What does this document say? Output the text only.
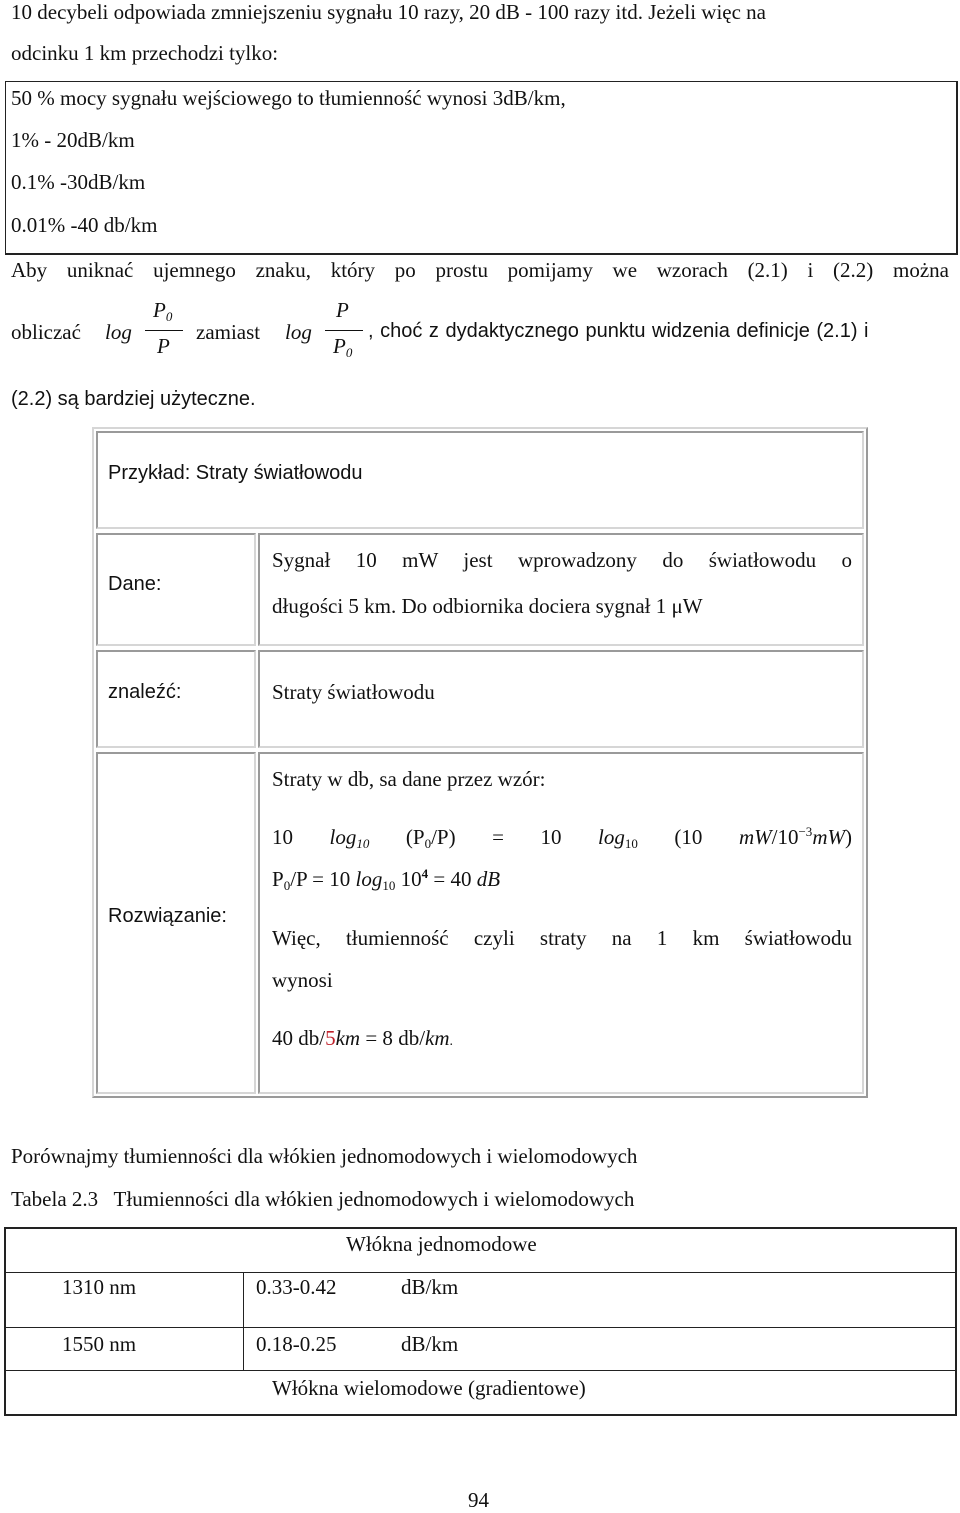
10 decybeli odpowiada zmniejszeniu sygnału 10 razy, 20 dB - 100 razy itd. Jeżeli więc na
odcinku 1 km przechodzi tylko:
50 % mocy sygnału wejściowego to tłumienność wynosi 3dB/km,
1% - 20dB/km
0.1% -30dB/km
0.01% -40 db/km
Aby uniknać ujemnego znaku, który po prostu pomijamy we wzorach (2.1) i (2.2) można
obliczać log
$P_0$
P
zamiast log
P
$P_0$
, choć z dydaktycznego punktu widzenia definicje (2.1) i
(2.2) są bardziej użyteczne.
Przykład: Straty światłowodu
Dane:
Sygnał 10 mW jest wprowadzony do światłowodu o
długości 5 km. Do odbiornika dociera sygnał 1 μW
znaleźć:	Straty światłowodu
Rozwiązanie:
Straty w db, sa dane przez wzór:
10 $\log_{10} (P_0/P) = 10$ $\log_{10} (10$ $mW/10^{-3}mW$)
$P_0/P = 10$ $\log_{10} 10^4 = 40$ dB
Więc, tłumienność czyli straty na 1 km światłowodu
wynosi
40 db/5km = 8 db/km.
Porównajmy tłumienności dla włókien jednomodowych i wielomodowych
Tabela 2.3   Tłumienności dla włókien jednomodowych i wielomodowych
Włókna jednomodowe
1310 nm	0.33-0.42	dB/km
1550 nm	0.18-0.25	dB/km
Włókna wielomodowe (gradientowe)
94
